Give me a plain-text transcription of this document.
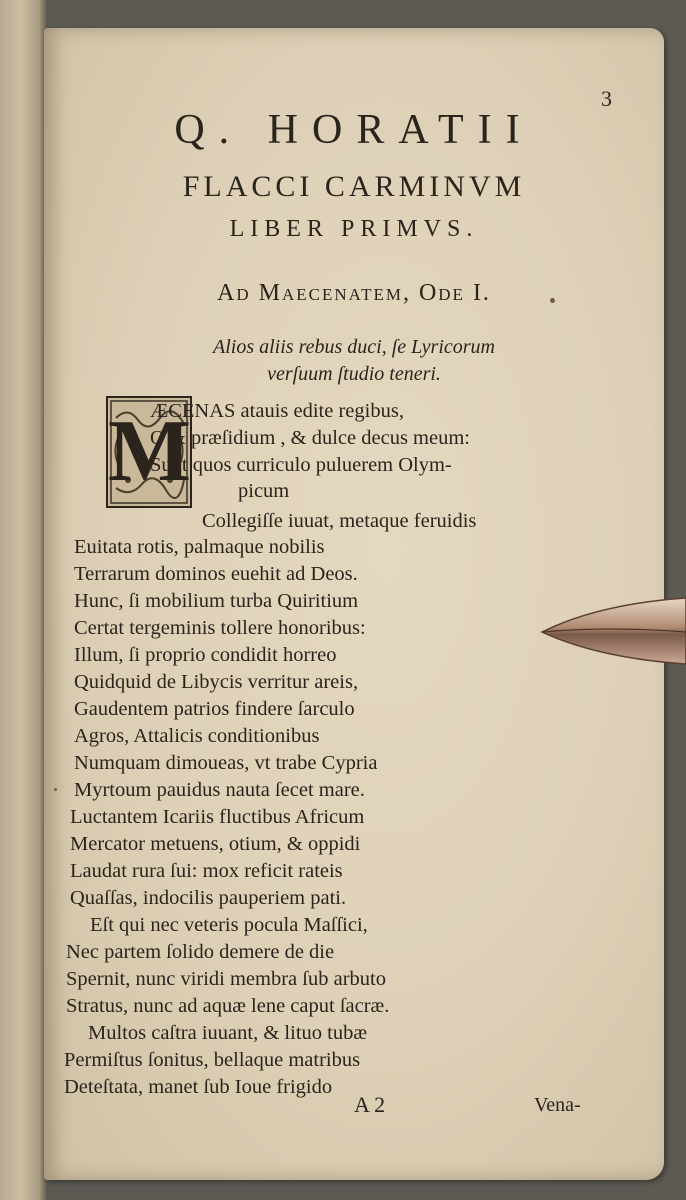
3
Q. HORATII
FLACCI CARMINVM
LIBER PRIMVS.
Ad Maecenatem, Ode I.
Alios aliis rebus duci, ſe Lyricorum
verſuum ſtudio teneri.
M
ÆCENAS atauis edite regibus,
O & præſidium , & dulce decus meum:
Sunt quos curriculo puluerem Olym-
picum
Collegiſſe iuuat, metaque feruidis
Euitata rotis, palmaque nobilis
Terrarum dominos euehit ad Deos.
Hunc, ſi mobilium turba Quiritium
Certat tergeminis tollere honoribus:
Illum, ſi proprio condidit horreo
Quidquid de Libycis verritur areis,
Gaudentem patrios findere ſarculo
Agros, Attalicis conditionibus
Numquam dimoueas, vt trabe Cypria
Myrtoum pauidus nauta ſecet mare.
Luctantem Icariis fluctibus Africum
Mercator metuens, otium, & oppidi
Laudat rura ſui: mox reficit rateis
Quaſſas, indocilis pauperiem pati.
Eſt qui nec veteris pocula Maſſici,
Nec partem ſolido demere de die
Spernit, nunc viridi membra ſub arbuto
Stratus, nunc ad aquæ lene caput ſacræ.
Multos caſtra iuuant, & lituo tubæ
Permiſtus ſonitus, bellaque matribus
Deteſtata, manet ſub Ioue frigido
A 2	Vena-
